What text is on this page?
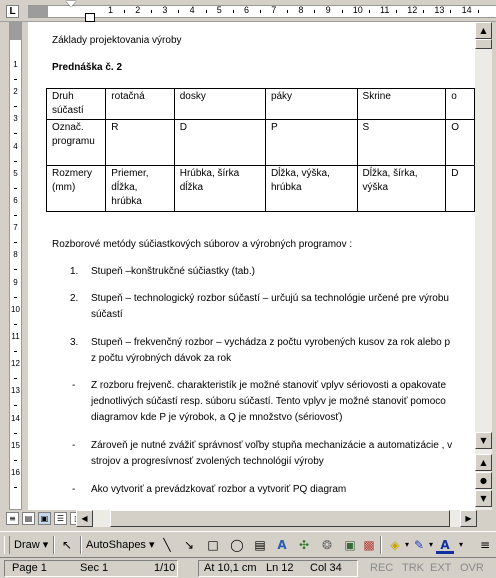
L	1 2 3 4 5 6 7 8 9 10 11 12 13 14
1
2
3
4
5
6
7
8
9
10
11
12
13
14
15
16
Základy projektovania výroby
Prednáška č. 2
Druh súčastí	rotačná	dosky	páky	Skrine	o
Označ. programu	R	D	P	S	O
Rozmery (mm)	Priemer, dĺžka, hrúbka	Hrúbka, šírka dĺžka	Dĺžka, výška, hrúbka	Dĺžka, šírka, výška	D
Rozborové metódy súčiastkových súborov a výrobných programov :
1. Stupeň –konštrukčné súčiastky (tab.)
2. Stupeň – technologický rozbor súčastí – určujú sa technológie určené pre výrobu
súčastí
3. Stupeň – frekvenčný rozbor – vychádza z počtu vyrobených kusov za rok alebo p
z počtu výrobných dávok za rok
- Z rozboru frejvenč. charakteristík je možné stanoviť vplyv sériovosti a opakovate
jednotlivých súčastí resp. súboru súčastí. Tento vplyv je možné stanoviť pomoco
diagramov kde P je výrobok, a Q je množstvo (sériovosť)
- Zároveň je nutné zvážiť správnosť voľby stupňa mechanizácie a automatizácie , v
strojov a progresívnosť zvolených technológií výroby
- Ako vytvoriť a prevádzkovať rozbor a vytvoriť PQ diagram
▲
▼
▲
●
▼
≡	▤	▣	☰	◀	▶
Draw ▾	↖	AutoShapes ▾ ╲	↘	□ ◯ ▤ A	✣	❂	▣ ▩	◈ ▾ ✎ ▾ A	▾	≡
Page 1	Sec 1	1/10	At 10,1 cm Ln 12 Col 34	REC TRK EXT OVR
